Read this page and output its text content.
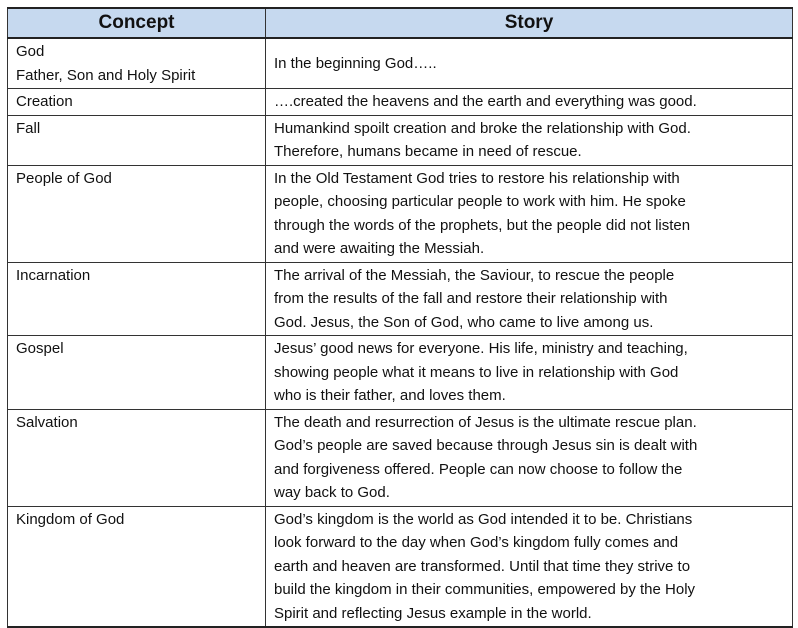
Concept	Story

God
Father, Son and Holy Spirit	In the beginning God…..

Creation	….created the heavens and the earth and everything was good.

Fall	Humankind spoilt creation and broke the relationship with God.
Therefore, humans became in need of rescue.

People of God	In the Old Testament God tries to restore his relationship with
people, choosing particular people to work with him. He spoke
through the words of the prophets, but the people did not listen
and were awaiting the Messiah.

Incarnation	The arrival of the Messiah, the Saviour, to rescue the people
from the results of the fall and restore their relationship with
God. Jesus, the Son of God, who came to live among us.

Gospel	Jesus’ good news for everyone. His life, ministry and teaching,
showing people what it means to live in relationship with God
who is their father, and loves them.

Salvation	The death and resurrection of Jesus is the ultimate rescue plan.
God’s people are saved because through Jesus sin is dealt with
and forgiveness offered. People can now choose to follow the
way back to God.

Kingdom of God	God’s kingdom is the world as God intended it to be. Christians
look forward to the day when God’s kingdom fully comes and
earth and heaven are transformed. Until that time they strive to
build the kingdom in their communities, empowered by the Holy
Spirit and reflecting Jesus example in the world.
